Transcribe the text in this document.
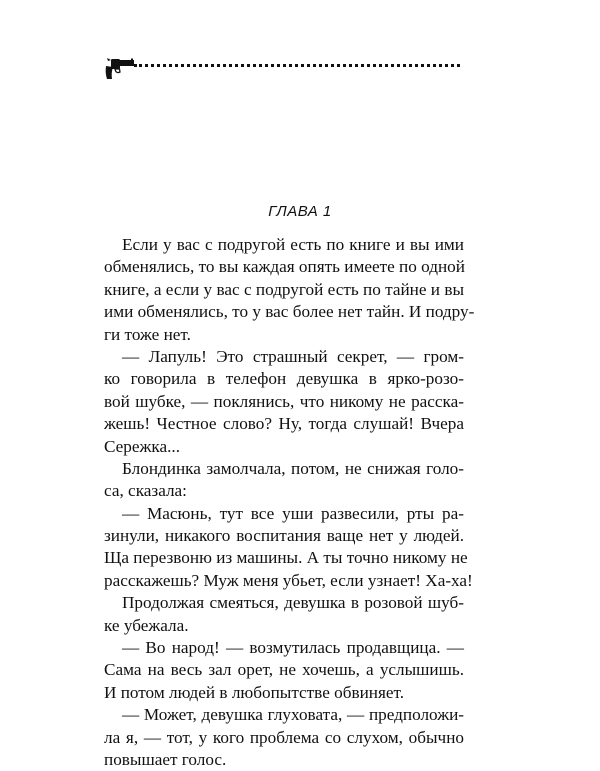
ГЛАВА 1
Если у вас с подругой есть по книге и вы ими
обменялись, то вы каждая опять имеете по одной
книге, а если у вас с подругой есть по тайне и вы
ими обменялись, то у вас более нет тайн. И подру-
ги тоже нет.
— Лапуль! Это страшный секрет, — гром-
ко говорила в телефон девушка в ярко-розо-
вой шубке, — поклянись, что никому не расска-
жешь! Честное слово? Ну, тогда слушай! Вчера
Сережка...
Блондинка замолчала, потом, не снижая голо-
са, сказала:
— Масюнь, тут все уши развесили, рты ра-
зинули, никакого воспитания ваще нет у людей.
Ща перезвоню из машины. А ты точно никому не
расскажешь? Муж меня убьет, если узнает! Ха-ха!
Продолжая смеяться, девушка в розовой шуб-
ке убежала.
— Во народ! — возмутилась продавщица. —
Сама на весь зал орет, не хочешь, а услышишь.
И потом людей в любопытстве обвиняет.
— Может, девушка глуховата, — предположи-
ла я, — тот, у кого проблема со слухом, обычно
повышает голос.
